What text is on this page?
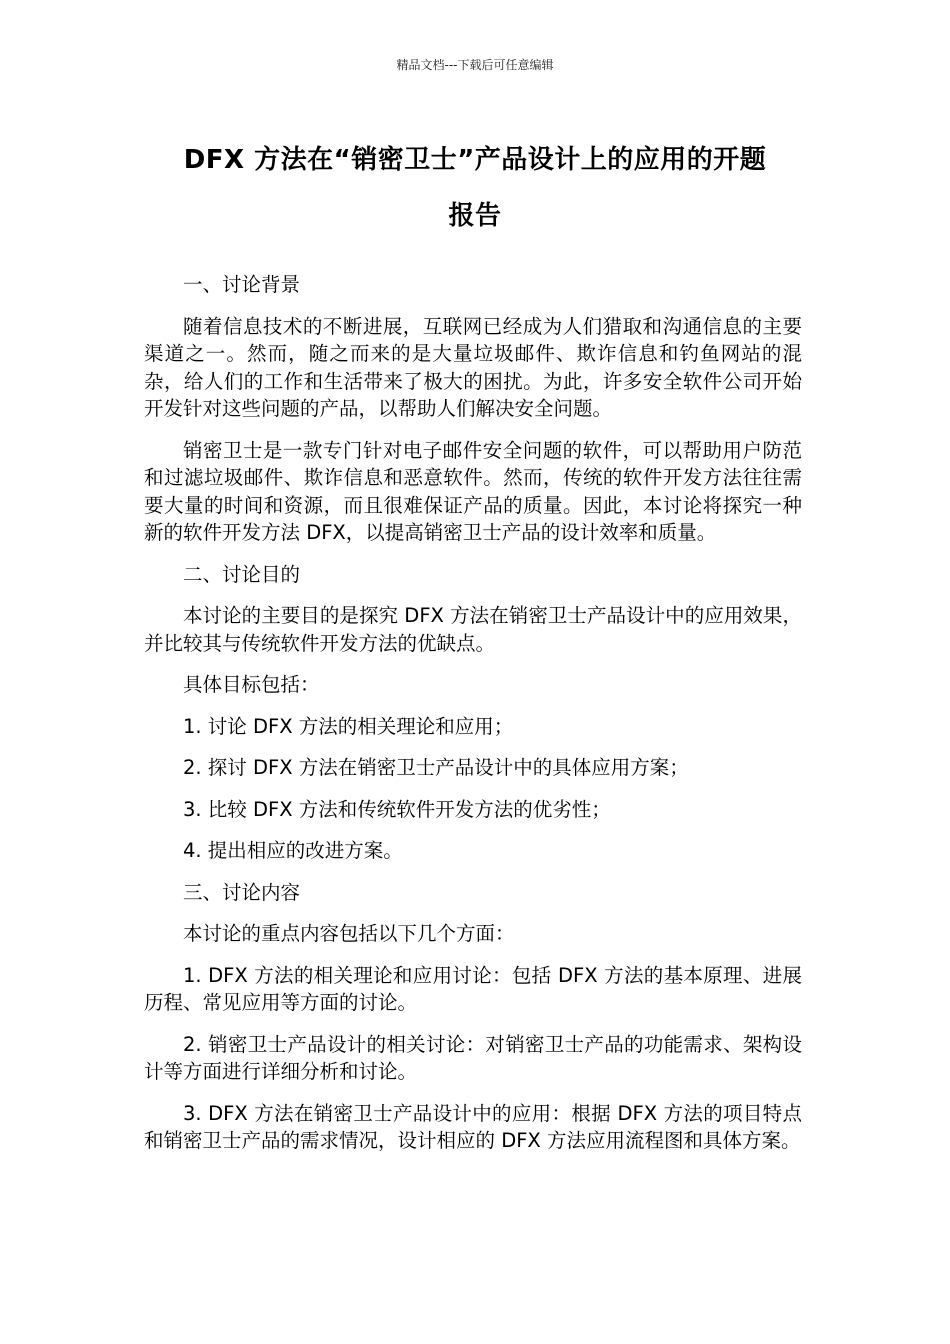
精品文档---下载后可任意编辑
DFX 方法在“销密卫士”产品设计上的应用的开题
报告

一、讨论背景

随着信息技术的不断进展，互联网已经成为人们猎取和沟通信息的主要渠道之一。然而，随之而来的是大量垃圾邮件、欺诈信息和钓鱼网站的混杂，给人们的工作和生活带来了极大的困扰。为此，许多安全软件公司开始开发针对这些问题的产品，以帮助人们解决安全问题。

销密卫士是一款专门针对电子邮件安全问题的软件，可以帮助用户防范和过滤垃圾邮件、欺诈信息和恶意软件。然而，传统的软件开发方法往往需要大量的时间和资源，而且很难保证产品的质量。因此，本讨论将探究一种新的软件开发方法 DFX，以提高销密卫士产品的设计效率和质量。

二、讨论目的

本讨论的主要目的是探究 DFX 方法在销密卫士产品设计中的应用效果，并比较其与传统软件开发方法的优缺点。

具体目标包括：

1. 讨论 DFX 方法的相关理论和应用；

2. 探讨 DFX 方法在销密卫士产品设计中的具体应用方案；

3. 比较 DFX 方法和传统软件开发方法的优劣性；

4. 提出相应的改进方案。

三、讨论内容

本讨论的重点内容包括以下几个方面：

1. DFX 方法的相关理论和应用讨论：包括 DFX 方法的基本原理、进展历程、常见应用等方面的讨论。

2. 销密卫士产品设计的相关讨论：对销密卫士产品的功能需求、架构设计等方面进行详细分析和讨论。

3. DFX 方法在销密卫士产品设计中的应用：根据 DFX 方法的项目特点和销密卫士产品的需求情况，设计相应的 DFX 方法应用流程图和具体方案。
